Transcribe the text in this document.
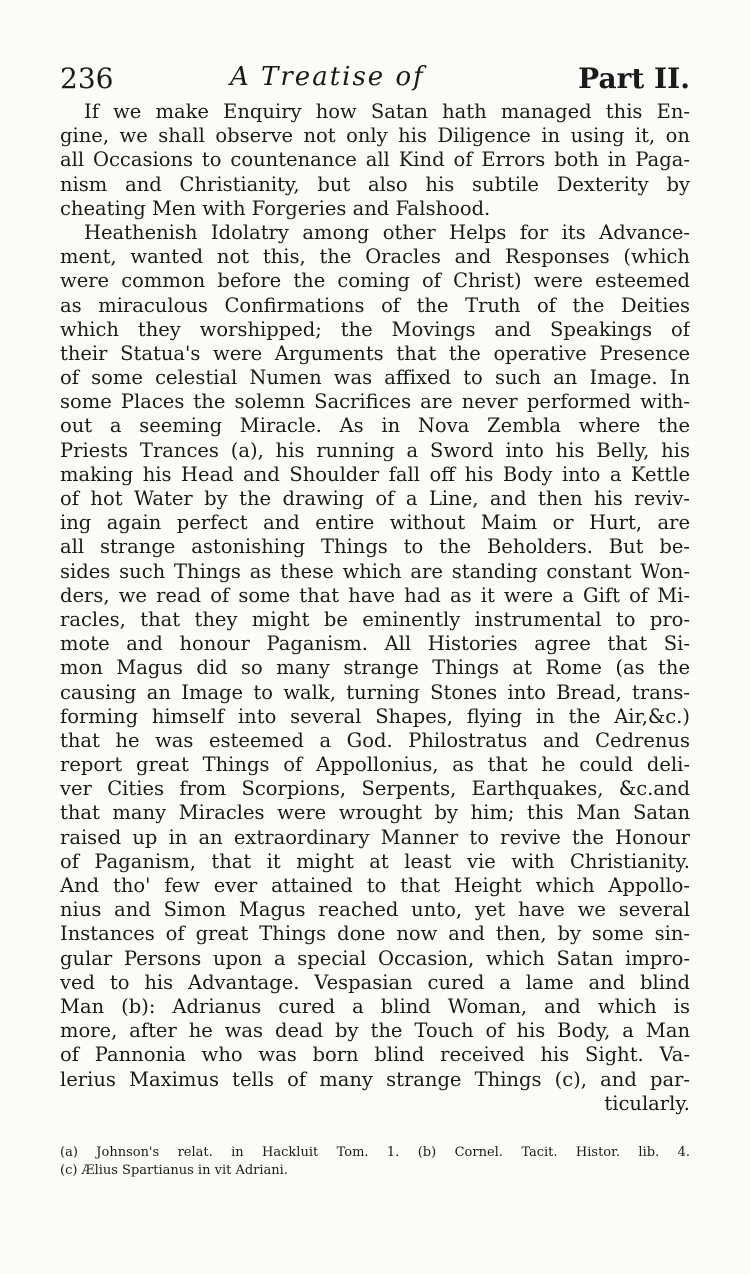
236	A Treatise of	Part II.
If we make Enquiry how Satan hath managed this En-
gine, we shall observe not only his Diligence in using it, on
all Occasions to countenance all Kind of Errors both in Paga-
nism and Christianity, but also his subtile Dexterity by
cheating Men with Forgeries and Falshood.
Heathenish Idolatry among other Helps for its Advance-
ment, wanted not this, the Oracles and Responses (which
were common before the coming of Christ) were esteemed
as miraculous Confirmations of the Truth of the Deities
which they worshipped; the Movings and Speakings of
their Statua's were Arguments that the operative Presence
of some celestial Numen was affixed to such an Image. In
some Places the solemn Sacrifices are never performed with-
out a seeming Miracle. As in Nova Zembla where the
Priests Trances (a), his running a Sword into his Belly, his
making his Head and Shoulder fall off his Body into a Kettle
of hot Water by the drawing of a Line, and then his reviv-
ing again perfect and entire without Maim or Hurt, are
all strange astonishing Things to the Beholders. But be-
sides such Things as these which are standing constant Won-
ders, we read of some that have had as it were a Gift of Mi-
racles, that they might be eminently instrumental to pro-
mote and honour Paganism. All Histories agree that Si-
mon Magus did so many strange Things at Rome (as the
causing an Image to walk, turning Stones into Bread, trans-
forming himself into several Shapes, flying in the Air,&c.)
that he was esteemed a God. Philostratus and Cedrenus
report great Things of Appollonius, as that he could deli-
ver Cities from Scorpions, Serpents, Earthquakes, &c.and
that many Miracles were wrought by him; this Man Satan
raised up in an extraordinary Manner to revive the Honour
of Paganism, that it might at least vie with Christianity.
And tho' few ever attained to that Height which Appollo-
nius and Simon Magus reached unto, yet have we several
Instances of great Things done now and then, by some sin-
gular Persons upon a special Occasion, which Satan impro-
ved to his Advantage. Vespasian cured a lame and blind
Man (b): Adrianus cured a blind Woman, and which is
more, after he was dead by the Touch of his Body, a Man
of Pannonia who was born blind received his Sight. Va-
lerius Maximus tells of many strange Things (c), and par-
ticularly.
(a) Johnson's relat. in Hackluit Tom. 1. (b) Cornel. Tacit. Histor. lib. 4.
(c) Ælius Spartianus in vit Adriani.
